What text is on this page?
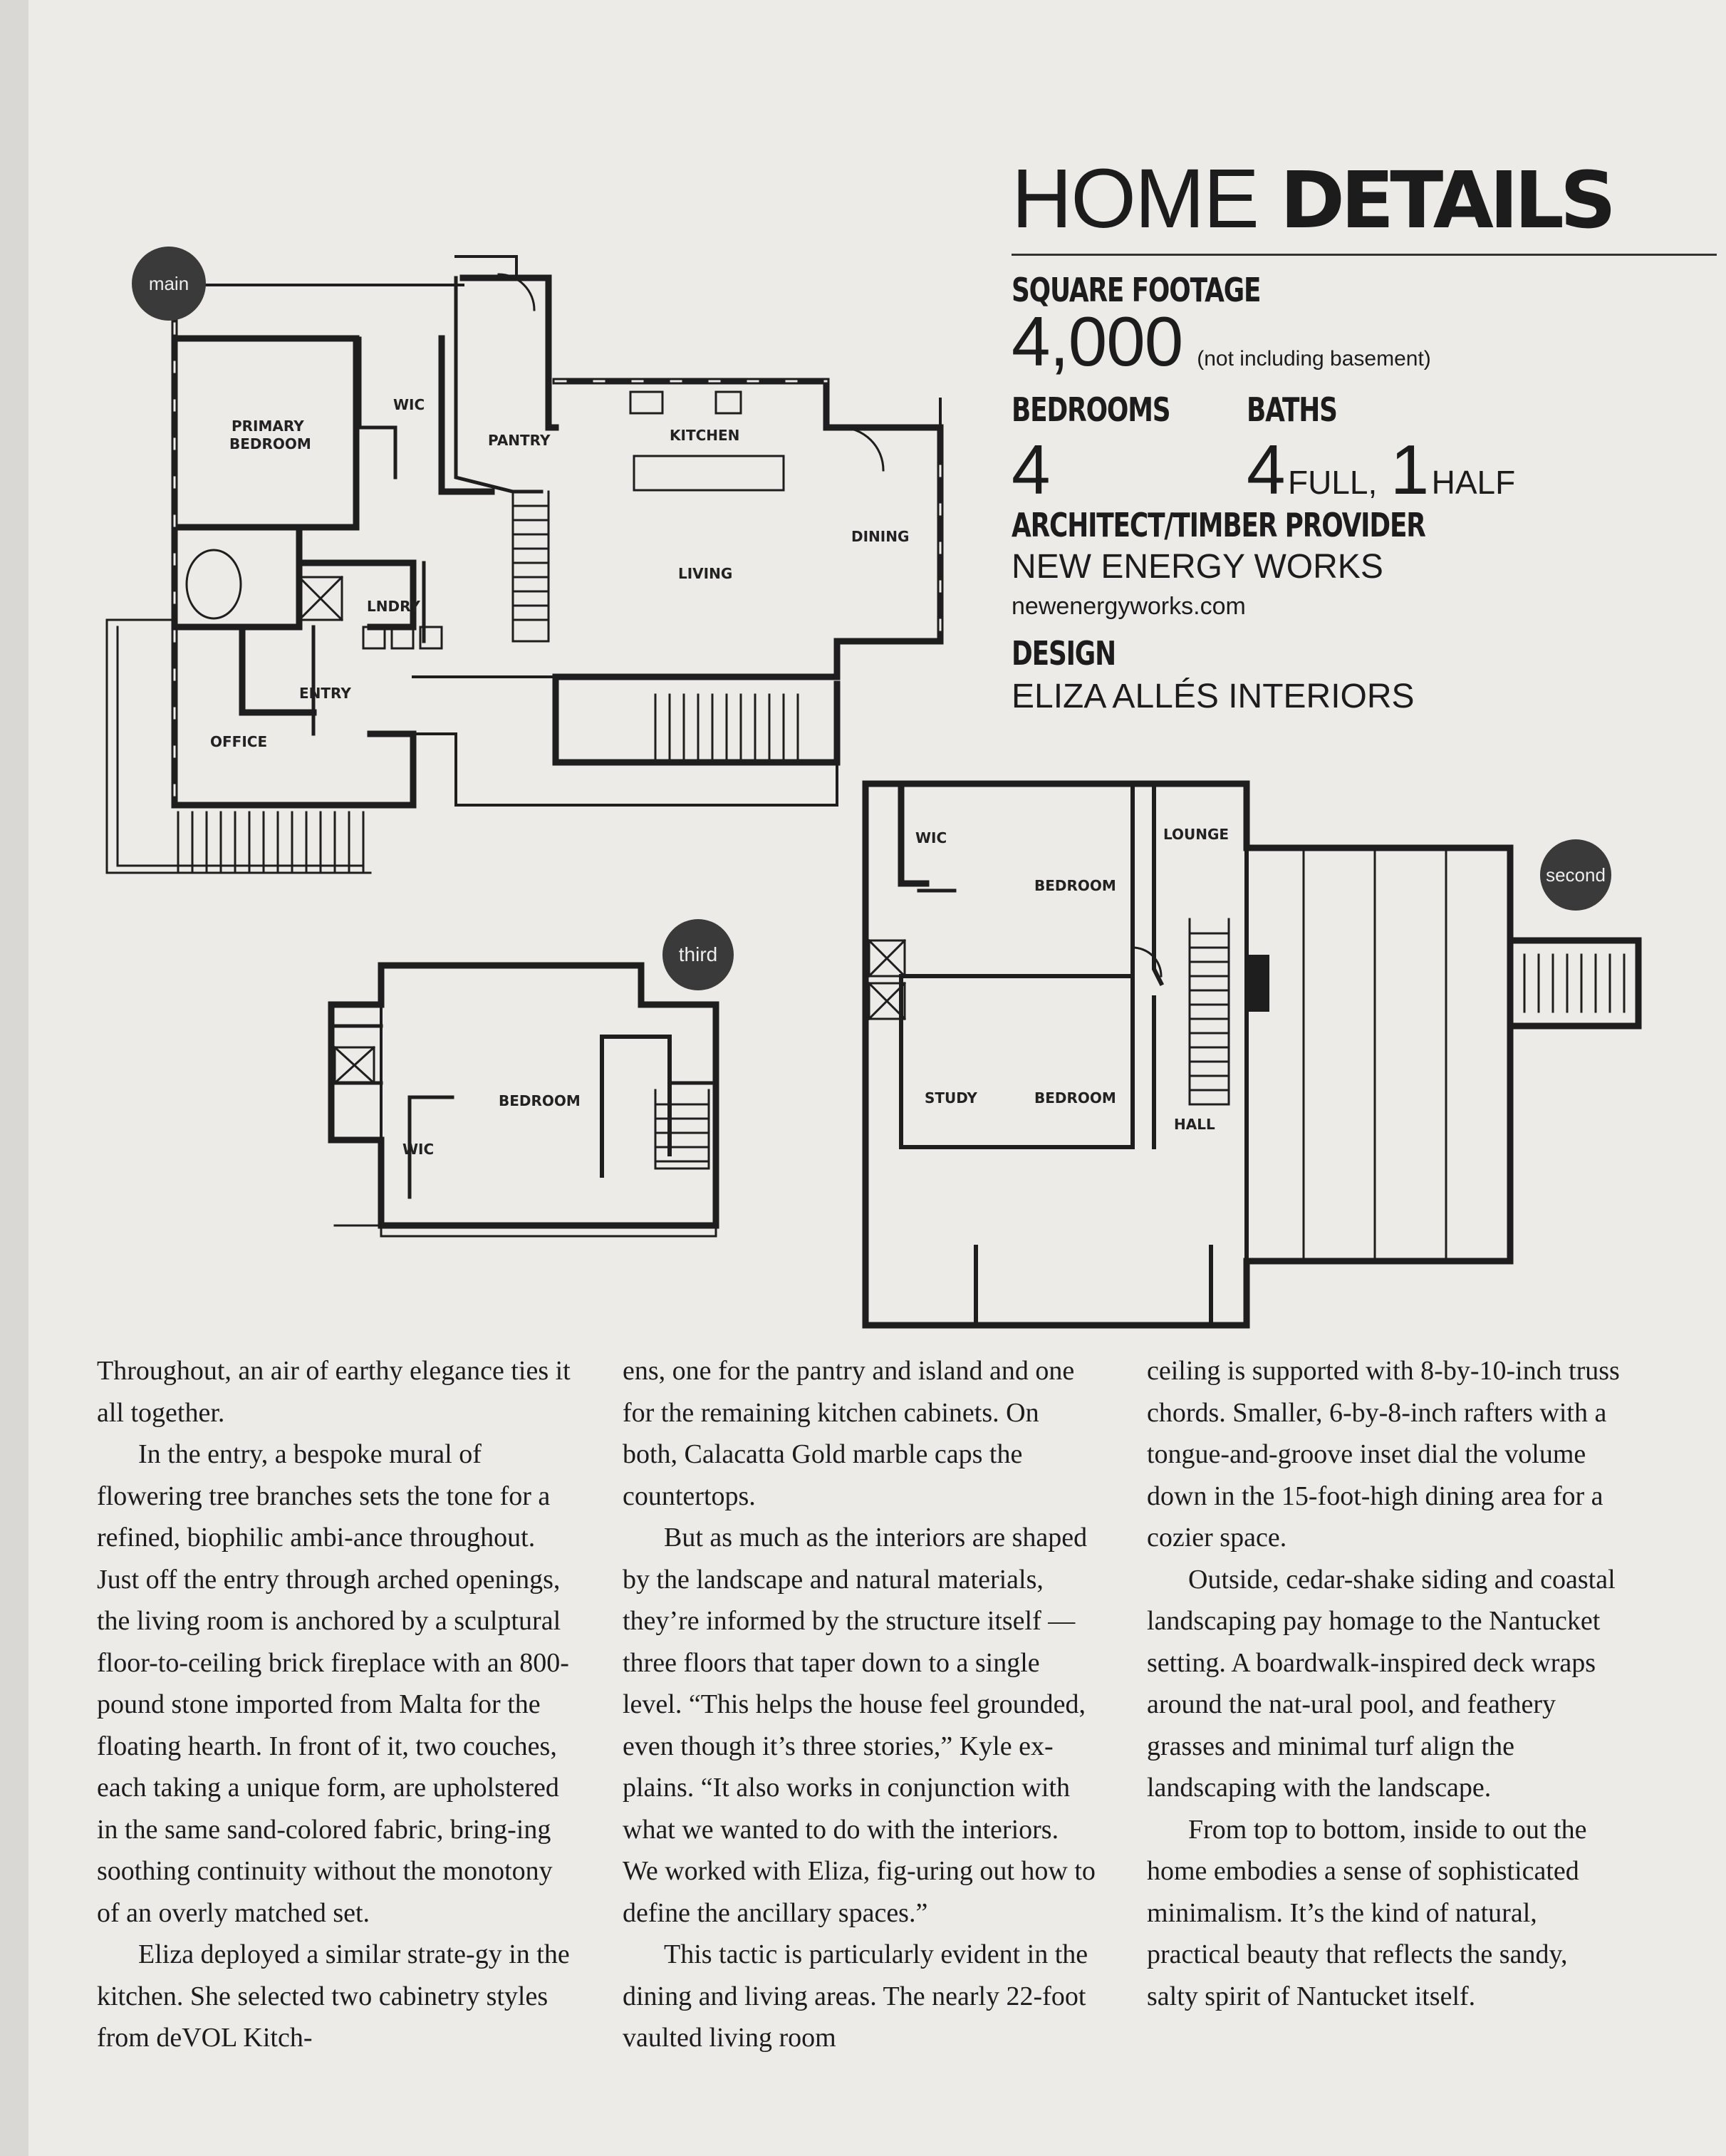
PRIMARY
BEDROOM
WIC
PANTRY	KITCHEN
LIVING
DINING
LNDRY
ENTRY
OFFICE
BEDROOM
WIC
WIC
BEDROOM
LOUNGE
STUDY	BEDROOM
HALL
main
third
second
HOME DETAILS
SQUARE FOOTAGE
4,000 (not including basement)
BEDROOMS BATHS
4	4 FULL, 1 HALF
ARCHITECT/TIMBER PROVIDER
NEW ENERGY WORKS
newenergyworks.com
DESIGN
ELIZA ALLÉS INTERIORS

Throughout, an air of earthy elegance ties it all together.

In the entry, a bespoke mural of flowering tree branches sets the tone for a refined, biophilic ambi-ance throughout. Just off the entry through arched openings, the living room is anchored by a sculptural floor-to-ceiling brick fireplace with an 800-pound stone imported from Malta for the floating hearth. In front of it, two couches, each taking a unique form, are upholstered in the same sand-colored fabric, bring-ing soothing continuity without the monotony of an overly matched set.

Eliza deployed a similar strate-gy in the kitchen. She selected two cabinetry styles from deVOL Kitch-

ens, one for the pantry and island and one for the remaining kitchen cabinets. On both, Calacatta Gold marble caps the countertops.

But as much as the interiors are shaped by the landscape and natural materials, they’re informed by the structure itself — three floors that taper down to a single level. “This helps the house feel grounded, even though it’s three stories,” Kyle ex-plains. “It also works in conjunction with what we wanted to do with the interiors. We worked with Eliza, fig-uring out how to define the ancillary spaces.”

This tactic is particularly evident in the dining and living areas. The nearly 22-foot vaulted living room

ceiling is supported with 8-by-10-inch truss chords. Smaller, 6-by-8-inch rafters with a tongue-and-groove inset dial the volume down in the 15-foot-high dining area for a cozier space.

Outside, cedar-shake siding and coastal landscaping pay homage to the Nantucket setting. A boardwalk-inspired deck wraps around the nat-ural pool, and feathery grasses and minimal turf align the landscaping with the landscape.

From top to bottom, inside to out the home embodies a sense of sophisticated minimalism. It’s the kind of natural, practical beauty that reflects the sandy, salty spirit of Nantucket itself.
